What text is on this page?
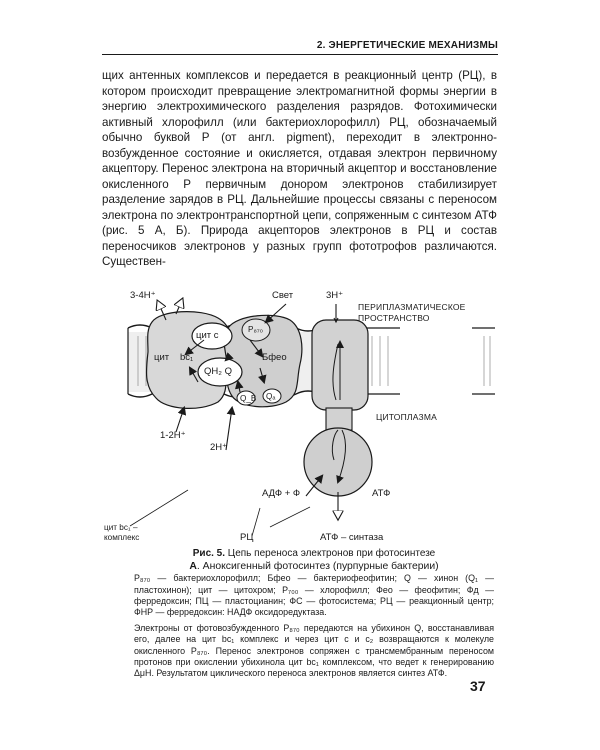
2. ЭНЕРГЕТИЧЕСКИЕ МЕХАНИЗМЫ

щих антенных комплексов и передается в реакционный центр (РЦ), в котором происходит превращение электромагнитной формы энергии в энергию электрохимического разделения разрядов. Фотохимически активный хлорофилл (или бактериохлорофилл) РЦ, обозначаемый обычно буквой Р (от англ. pigment), переходит в электронно-возбужденное состояние и окисляется, отдавая электрон первичному акцептору. Перенос электрона на вторичный акцептор и восстановление окисленного Р первичным донором электронов стабилизирует разделение зарядов в РЦ. Дальнейшие процессы связаны с переносом электрона по электронтранспортной цепи, сопряженным с синтезом АТФ (рис. 5 А, Б). Природа акцепторов электронов в РЦ и состав переносчиков электронов у разных групп фототрофов различаются. Существен-

3-4Н⁺	Свет	3Н⁺
ПЕРИПЛАЗМАТИЧЕСКОЕ
ПРОСТРАНСТВО
цит с
P₈₇₀
цит bc₁	Бфео
QH₂ Q
Qₐ
Q_B
1-2Н⁺
2Н⁺
ЦИТОПЛАЗМА
АДФ + Ф	АТФ
цит bc₁ –
комплекс	РЦ	АТФ – синтаза

Рис. 5. Цепь переноса электронов при фотосинтезе

А. Аноксигенный фотосинтез (пурпурные бактерии)

P₈₇₀ — бактериохлорофилл; Бфео — бактериофеофитин; Q — хинон (Q₁ — пластохинон); цит — цитохром; Р₇₀₀ — хлорофилл; Фео — феофитин; Фд — ферредоксин; ПЦ — пластоцианин; ФС — фотосистема; РЦ — реакционный центр; ФНР — ферредоксин: НАДФ оксидоредуктаза.

Электроны от фотовозбужденного Р₈₇₀ передаются на убихинон Q, восстанавливая его, далее на цит bc₁ комплекс и через цит с и с₂ возвращаются к молекуле окисленного Р₈₇₀. Перенос электронов сопряжен с трансмембранным переносом протонов при окислении убихинола цит bc₁ комплексом, что ведет к генерированию ΔμН. Результатом циклического переноса электронов является синтез АТФ.

37
